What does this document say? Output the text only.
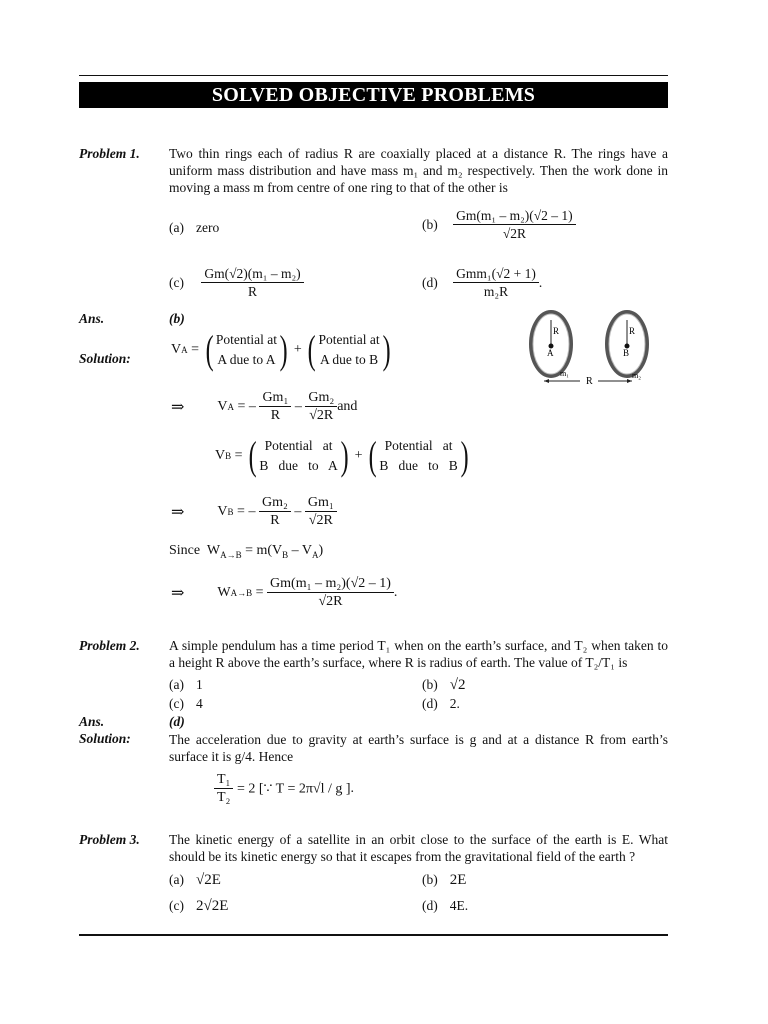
SOLVED OBJECTIVE PROBLEMS
Problem 1. Two thin rings each of radius R are coaxially placed at a distance R. The rings have a uniform mass distribution and have mass m₁ and m₂ respectively. Then the work done in moving a mass m from centre of one ring to that of the other is
(a) zero	$(b) \frac{\text{Gm(m₁ – m₂)(√2 – 1)}}{√2R}$
$(c) \frac{\text{Gm(√2)(m₁ – m₂)}}{R}$	$(d) \frac{\text{Gmm₁(√2 + 1)}}{\text{m₂R}}$ .
Ans.	(b)
Solution:
VA = ( Potential at
A due to A ) + ( Potential at
A due to B )
⇒ VA = – $\frac{\text{Gm₁}}{R} - \frac{\text{Gm₂}}{√2R}$ and
VB = ( Potential   at
B   due   to   A) + ( Potential   at
B   due   to   B)
⇒ VB = – $\frac{\text{Gm₂}}{R} - \frac{\text{Gm₁}}{√2R}$
Since  $W_{A\to B} = m(V_B - V_A)$
⇒ $WA\to B = \frac{\text{Gm(m₁ – m₂)(√2 – 1)}}{√2R}$ .
R	R
A	B
m₁	m₂
R
Problem 2. A simple pendulum has a time period T₁ when on the earth’s surface, and T₂ when taken to a height R above the earth’s surface, where R is radius of earth. The value of T₂/T₁ is
(a) 1	(b) √2
(c) 4	(d) 2.
Ans.	(d)
Solution:	The acceleration due to gravity at earth’s surface is g and at a distance R from earth’s surface it is g/4. Hence
$\frac{\text{T₁}}{\text{T₂}} = 2$ [∵ T = 2π√l / g ].
Problem 3. The kinetic energy of a satellite in an orbit close to the surface of the earth is E. What should be its kinetic energy so that it escapes from the gravitational field of the earth ?
(a) √2E	(b) 2E
(c) 2√2E	(d) 4E.
